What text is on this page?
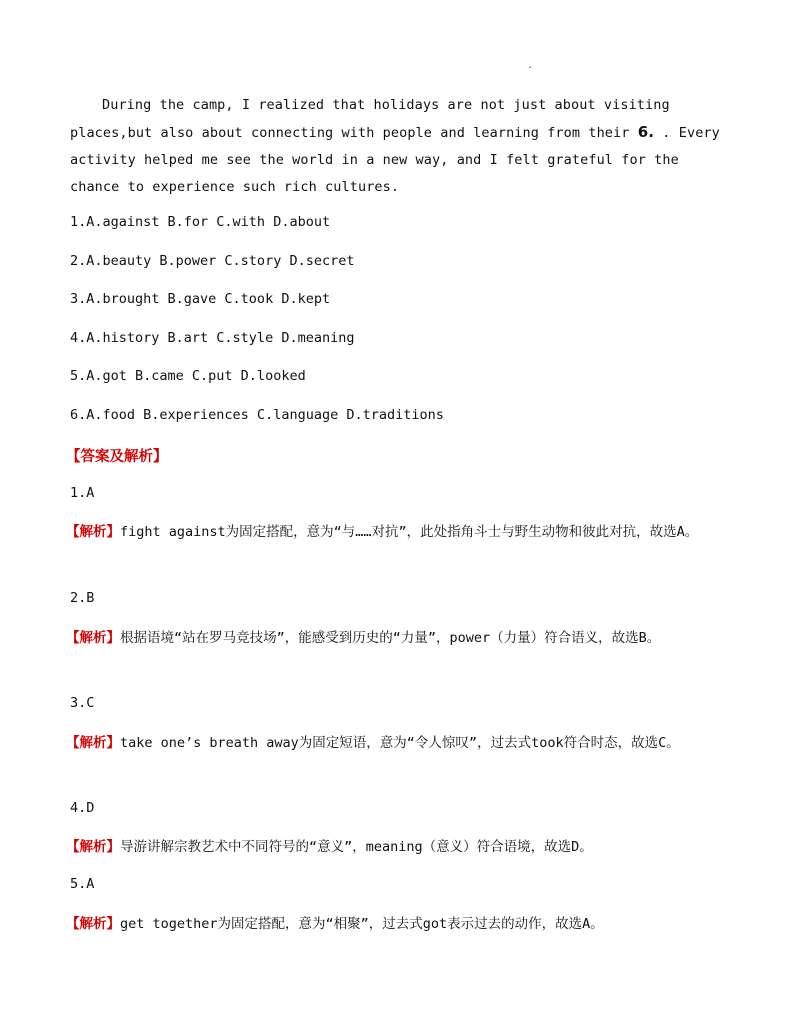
.
During the camp, I realized that holidays are not just about visiting places,but also about connecting with people and learning from their 6. . Every activity helped me see the world in a new way, and I felt grateful for the chance to experience such rich cultures.
1.A.against B.for C.with D.about
2.A.beauty B.power C.story D.secret
3.A.brought B.gave C.took D.kept
4.A.history B.art C.style D.meaning
5.A.got B.came C.put D.looked
6.A.food B.experiences C.language D.traditions
【答案及解析】
1.A
【解析】fight against为固定搭配，意为“与……对抗”，此处指角斗士与野生动物和彼此对抗，故选A。
2.B
【解析】根据语境“站在罗马竞技场”，能感受到历史的“力量”，power（力量）符合语义，故选B。
3.C
【解析】take one’s breath away为固定短语，意为“令人惊叹”，过去式took符合时态，故选C。
4.D
【解析】导游讲解宗教艺术中不同符号的“意义”，meaning（意义）符合语境，故选D。
5.A
【解析】get together为固定搭配，意为“相聚”，过去式got表示过去的动作，故选A。
